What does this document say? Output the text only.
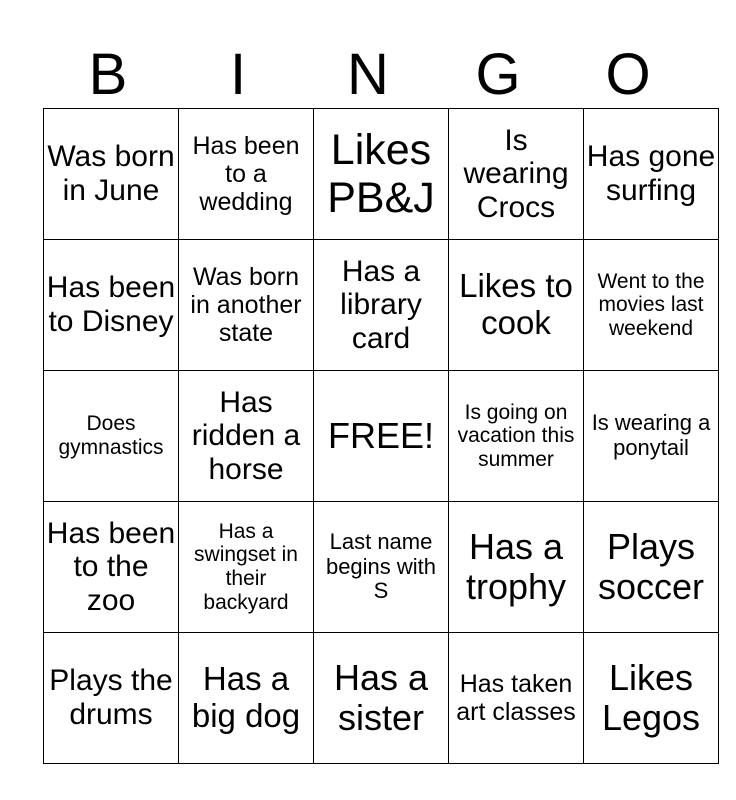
B	I	N	G	O
Was born in June	Has been to a wedding	Likes PB&J	Is wearing Crocs	Has gone surfing
Has been to Disney	Was born in another state	Has a library card	Likes to cook	Went to the movies last weekend
Does gymnastics	Has ridden a horse	FREE!	Is going on vacation this summer	Is wearing a ponytail
Has been to the zoo	Has a swingset in their backyard	Last name begins with S	Has a trophy	Plays soccer
Plays the drums	Has a big dog	Has a sister	Has taken art classes	Likes Legos
